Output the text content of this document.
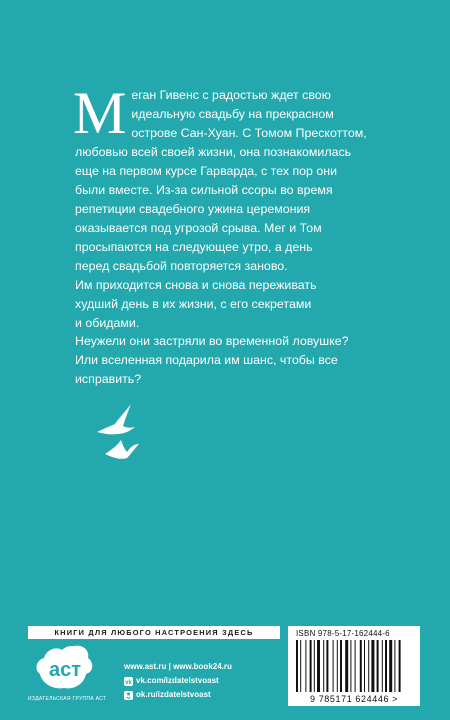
М еган Гивенс с радостью ждет свою
идеальную свадьбу на прекрасном
острове Сан-Хуан. С Томом Прескоттом,
любовью всей своей жизни, она познакомилась
еще на первом курсе Гарварда, с тех пор они
были вместе. Из-за сильной ссоры во время
репетиции свадебного ужина церемония
оказывается под угрозой срыва. Мег и Том
просыпаются на следующее утро, а день
перед свадьбой повторяется заново.
Им приходится снова и снова переживать
худший день в их жизни, с его секретами
и обидами.
Неужели они застряли во временной ловушке?
Или вселенная подарила им шанс, чтобы все
исправить?
КНИГИ ДЛЯ ЛЮБОГО НАСТРОЕНИЯ ЗДЕСЬ
аст
ИЗДАТЕЛЬСКАЯ ГРУППА АСТ
www.ast.ru | www.book24.ru
vk vk.com/izdatelstvoast
ok.ru/izdatelstvoast
ISBN 978-5-17-162444-6
9 785171 624446 >
